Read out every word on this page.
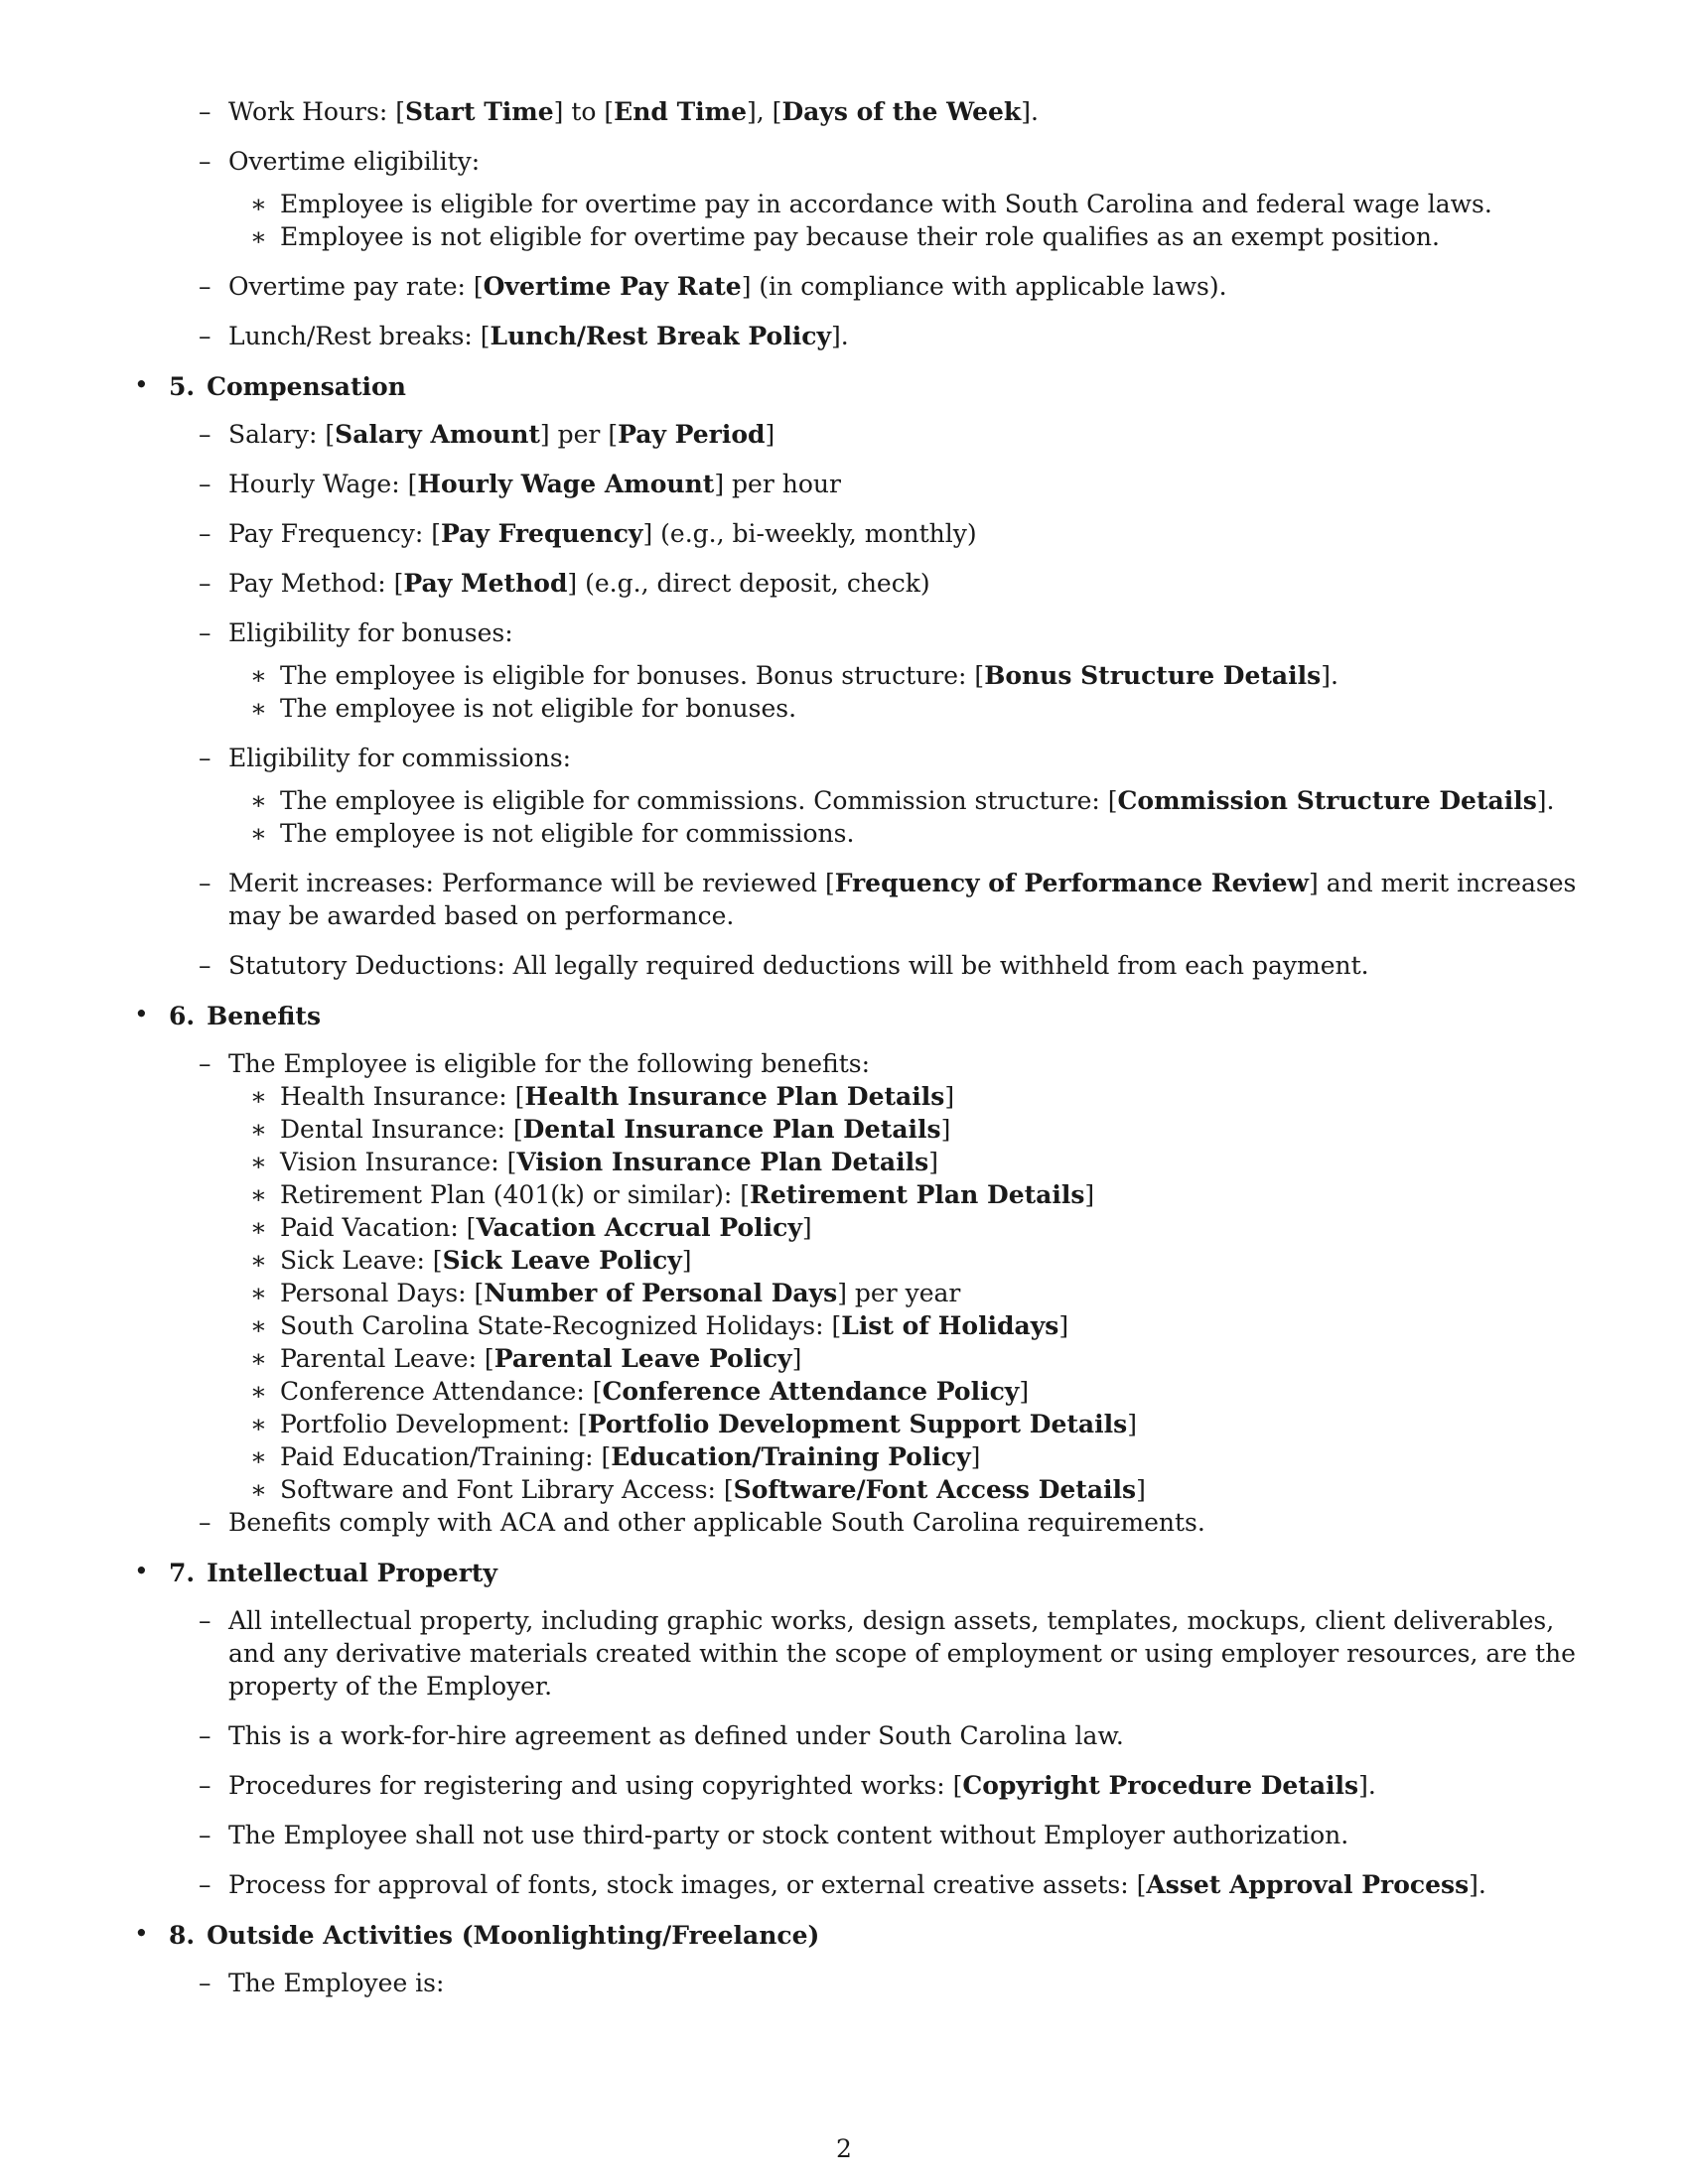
– Work Hours: [Start Time] to [End Time], [Days of the Week].
– Overtime eligibility:
∗ Employee is eligible for overtime pay in accordance with South Carolina and federal wage laws.
∗ Employee is not eligible for overtime pay because their role qualifies as an exempt position.
– Overtime pay rate: [Overtime Pay Rate] (in compliance with applicable laws).
– Lunch/Rest breaks: [Lunch/Rest Break Policy].
• 5. Compensation
– Salary: [Salary Amount] per [Pay Period]
– Hourly Wage: [Hourly Wage Amount] per hour
– Pay Frequency: [Pay Frequency] (e.g., bi-weekly, monthly)
– Pay Method: [Pay Method] (e.g., direct deposit, check)
– Eligibility for bonuses:
∗ The employee is eligible for bonuses. Bonus structure: [Bonus Structure Details].
∗ The employee is not eligible for bonuses.
– Eligibility for commissions:
∗ The employee is eligible for commissions. Commission structure: [Commission Structure Details].
∗ The employee is not eligible for commissions.
– Merit increases: Performance will be reviewed [Frequency of Performance Review] and merit increases may be awarded based on performance.
– Statutory Deductions: All legally required deductions will be withheld from each payment.
• 6. Benefits
– The Employee is eligible for the following benefits:
∗ Health Insurance: [Health Insurance Plan Details]
∗ Dental Insurance: [Dental Insurance Plan Details]
∗ Vision Insurance: [Vision Insurance Plan Details]
∗ Retirement Plan (401(k) or similar): [Retirement Plan Details]
∗ Paid Vacation: [Vacation Accrual Policy]
∗ Sick Leave: [Sick Leave Policy]
∗ Personal Days: [Number of Personal Days] per year
∗ South Carolina State-Recognized Holidays: [List of Holidays]
∗ Parental Leave: [Parental Leave Policy]
∗ Conference Attendance: [Conference Attendance Policy]
∗ Portfolio Development: [Portfolio Development Support Details]
∗ Paid Education/Training: [Education/Training Policy]
∗ Software and Font Library Access: [Software/Font Access Details]
– Benefits comply with ACA and other applicable South Carolina requirements.
• 7. Intellectual Property
– All intellectual property, including graphic works, design assets, templates, mockups, client deliverables, and any derivative materials created within the scope of employment or using employer resources, are the property of the Employer.
– This is a work-for-hire agreement as defined under South Carolina law.
– Procedures for registering and using copyrighted works: [Copyright Procedure Details].
– The Employee shall not use third-party or stock content without Employer authorization.
– Process for approval of fonts, stock images, or external creative assets: [Asset Approval Process].
• 8. Outside Activities (Moonlighting/Freelance)
– The Employee is:
2
